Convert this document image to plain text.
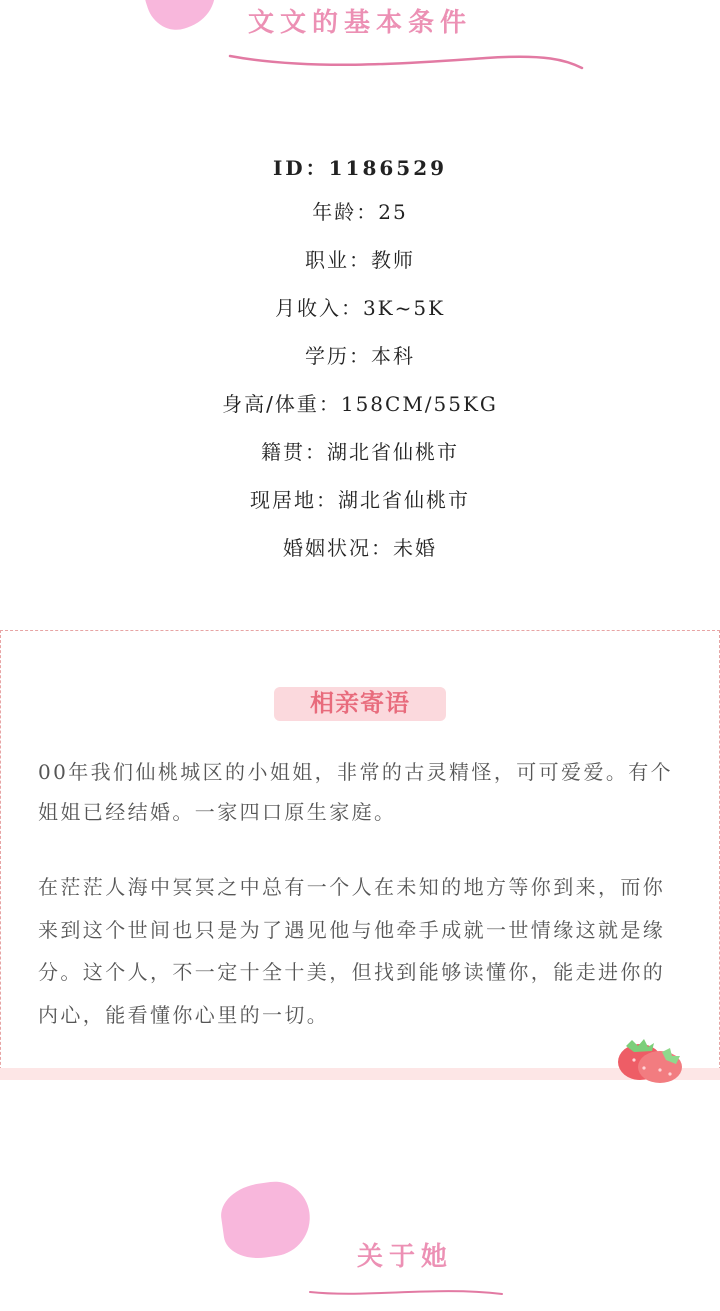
文文的基本条件
ID：1186529
年龄：25
职业：教师
月收入：3K~5K
学历：本科
身高/体重：158CM/55KG
籍贯：湖北省仙桃市
现居地：湖北省仙桃市
婚姻状况：未婚
相亲寄语

00年我们仙桃城区的小姐姐，非常的古灵精怪，可可爱爱。有个姐姐已经结婚。一家四口原生家庭。

在茫茫人海中冥冥之中总有一个人在未知的地方等你到来，而你来到这个世间也只是为了遇见他与他牵手成就一世情缘这就是缘分。这个人，不一定十全十美，但找到能够读懂你，能走进你的内心，能看懂你心里的一切。

关于她
